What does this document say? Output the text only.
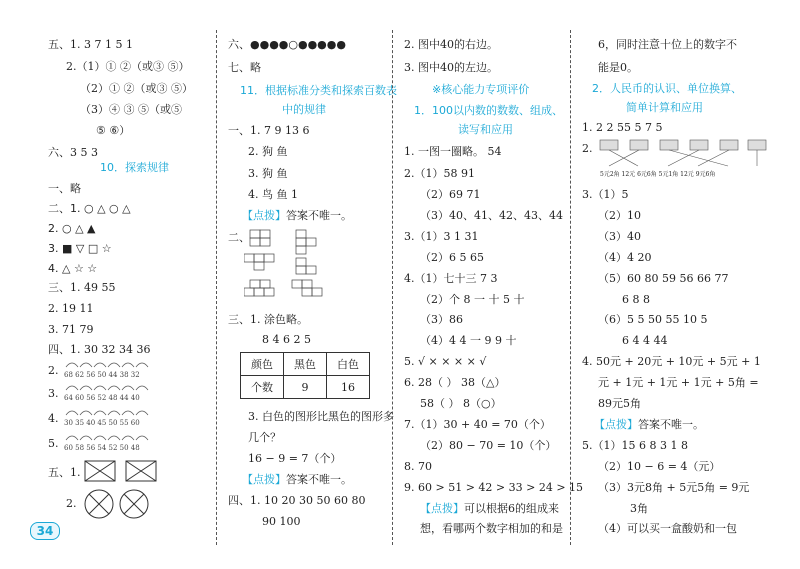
五、1. 3 7 1 5 1
2.（1）① ②（或③ ⑤）
（2）① ②（或③ ⑤）
（3）④ ③ ⑤（或⑤
⑤ ⑥）
六、3 5 3
10．探索规律
一、略
二、1. ○ △ ○ △
2. ○ △ ▲
3. ■ ▽ □ ☆
4. △ ☆ ☆
三、1. 49 55
2. 19 11
3. 71 79
四、1. 30 32 34 36
2. 68 62 56 50 44 38 32
3. 64 60 56 52 48 44 40
4. 30 35 40 45 50 55 60
5. 60 58 56 54 52 50 48
五、1.
2.
34
六、●●●●○●●●●●
七、略
11．根据标准分类和探索百数表
中的规律
一、1. 7 9 13 6
2. 狗 鱼
3. 狗 鱼
4. 鸟 鱼 1
【点拨】答案不唯一。
二、
三、1. 涂色略。
8 4 6 2 5
颜色	黑色	白色
个数	9	16
3. 白色的图形比黑色的图形多
几个？
16 − 9 = 7（个）
【点拨】答案不唯一。
四、1. 10 20 30 50 60 80
90 100
2. 图中40的右边。
3. 图中40的左边。
※核心能力专项评价
1．100以内数的数数、组成、
读写和应用
1. 一图一圈略。 54
2.（1）58 91
（2）69 71
（3）40、41、42、43、44
3.（1）3 1 31
（2）6 5 65
4.（1）七十三 7 3
（2）个 8 一 十 5 十
（3）86
（4）4 4 一 9 9 十
5. √ × × × × √
6. 28（ ） 38（△）
58（ ） 8（○）
7.（1）30 + 40 = 70（个）
（2）80 − 70 = 10（个）
8. 70
9. 60 > 51 > 42 > 33 > 24 > 15
【点拨】可以根据6的组成来
想，看哪两个数字相加的和是
6，同时注意十位上的数字不
能是0。
2．人民币的认识、单位换算、
简单计算和应用
1. 2 2 55 5 7 5
2.
5元2角 12元 6元6角 5元1角 12元 9元6角
3.（1）5
（2）10
（3）40
（4）4 20
（5）60 80 59 56 66 77
6 8 8
（6）5 5 50 55 10 5
6 4 4 44
4. 50元 + 20元 + 10元 + 5元 + 1
元 + 1元 + 1元 + 1元 + 5角 =
89元5角
【点拨】答案不唯一。
5.（1）15 6 8 3 1 8
（2）10 − 6 = 4（元）
（3）3元8角 + 5元5角 = 9元
3角
（4）可以买一盒酸奶和一包
